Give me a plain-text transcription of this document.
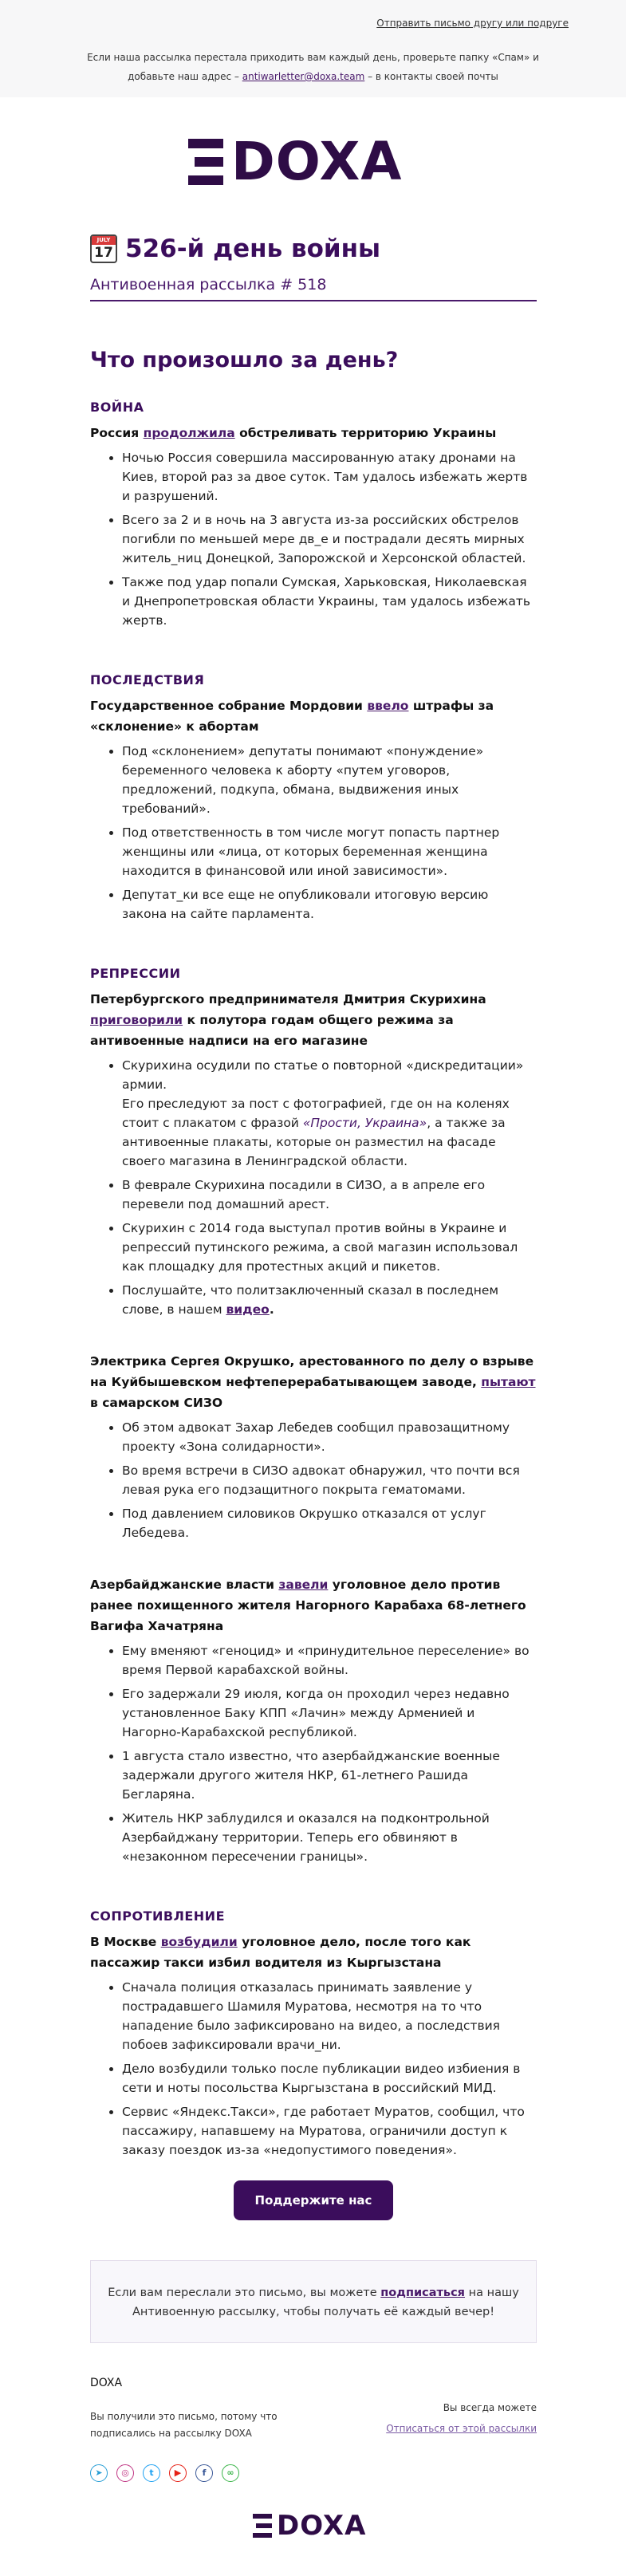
Отправить письмо другу или подруге
Если наша рассылка перестала приходить вам каждый день, проверьте папку «Спам» и
добавьте наш адрес – antiwarletter@doxa.team – в контакты своей почты
DOXA
JULY
17 526-й день войны
Антивоенная рассылка # 518
Что произошло за день?
ВОЙНА

Россия продолжила обстреливать территорию Украины

• Ночью Россия совершила массированную атаку дронами на Киев, второй раз за двое суток. Там удалось избежать жертв и разрушений.
• Всего за 2 и в ночь на 3 августа из-за российских обстрелов погибли по меньшей мере дв_е и пострадали десять мирных житель_ниц Донецкой, Запорожской и Херсонской областей.
• Также под удар попали Сумская, Харьковская, Николаевская и Днепропетровская области Украины, там удалось избежать жертв.
ПОСЛЕДСТВИЯ

Государственное собрание Мордовии ввело штрафы за «склонение» к абортам

• Под «склонением» депутаты понимают «понуждение» беременного человека к аборту «путем уговоров, предложений, подкупа, обмана, выдвижения иных требований».
• Под ответственность в том числе могут попасть партнер женщины или «лица, от которых беременная женщина находится в финансовой или иной зависимости».
• Депутат_ки все еще не опубликовали итоговую версию закона на сайте парламента.
РЕПРЕССИИ

Петербургского предпринимателя Дмитрия Скурихина приговорили к полутора годам общего режима за антивоенные надписи на его магазине

• Скурихина осудили по статье о повторной «дискредитации» армии.
Его преследуют за пост с фотографией, где он на коленях стоит с плакатом с фразой «Прости, Украина», а также за антивоенные плакаты, которые он разместил на фасаде своего магазина в Ленинградской области.
• В феврале Скурихина посадили в СИЗО, а в апреле его перевели под домашний арест.
• Скурихин с 2014 года выступал против войны в Украине и репрессий путинского режима, а свой магазин использовал как площадку для протестных акций и пикетов.
• Послушайте, что политзаключенный сказал в последнем слове, в нашем видео.

Электрика Сергея Окрушко, арестованного по делу о взрыве на Куйбышевском нефтеперерабатывающем заводе, пытают в самарском СИЗО

• Об этом адвокат Захар Лебедев сообщил правозащитному проекту «Зона солидарности».
• Во время встречи в СИЗО адвокат обнаружил, что почти вся левая рука его подзащитного покрыта гематомами.
• Под давлением силовиков Окрушко отказался от услуг Лебедева.

Азербайджанские власти завели уголовное дело против ранее похищенного жителя Нагорного Карабаха 68-летнего Вагифа Хачатряна

• Ему вменяют «геноцид» и «принудительное переселение» во время Первой карабахской войны.
• Его задержали 29 июля, когда он проходил через недавно установленное Баку КПП «Лачин» между Арменией и Нагорно-Карабахской республикой.
• 1 августа стало известно, что азербайджанские военные задержали другого жителя НКР, 61-летнего Рашида Бегларяна.
• Житель НКР заблудился и оказался на подконтрольной Азербайджану территории. Теперь его обвиняют в «незаконном пересечении границы».
СОПРОТИВЛЕНИЕ

В Москве возбудили уголовное дело, после того как пассажир такси избил водителя из Кыргызстана

• Сначала полиция отказалась принимать заявление у пострадавшего Шамиля Муратова, несмотря на то что нападение было зафиксировано на видео, а последствия побоев зафиксировали врачи_ни.
• Дело возбудили только после публикации видео избиения в сети и ноты посольства Кыргызстана в российский МИД.
• Сервис «Яндекс.Такси», где работает Муратов, сообщил, что пассажиру, напавшему на Муратова, ограничили доступ к заказу поездок из-за «недопустимого поведения».
Поддержите нас
Если вам переслали это письмо, вы можете подписаться на нашу Антивоенную рассылку, чтобы получать её каждый вечер!
DOXA
Вы получили это письмо, потому что подписались на рассылку DOXA
Вы всегда можете
Отписаться от этой рассылки
➤	◎	t	▶	f	∞
DOXA
